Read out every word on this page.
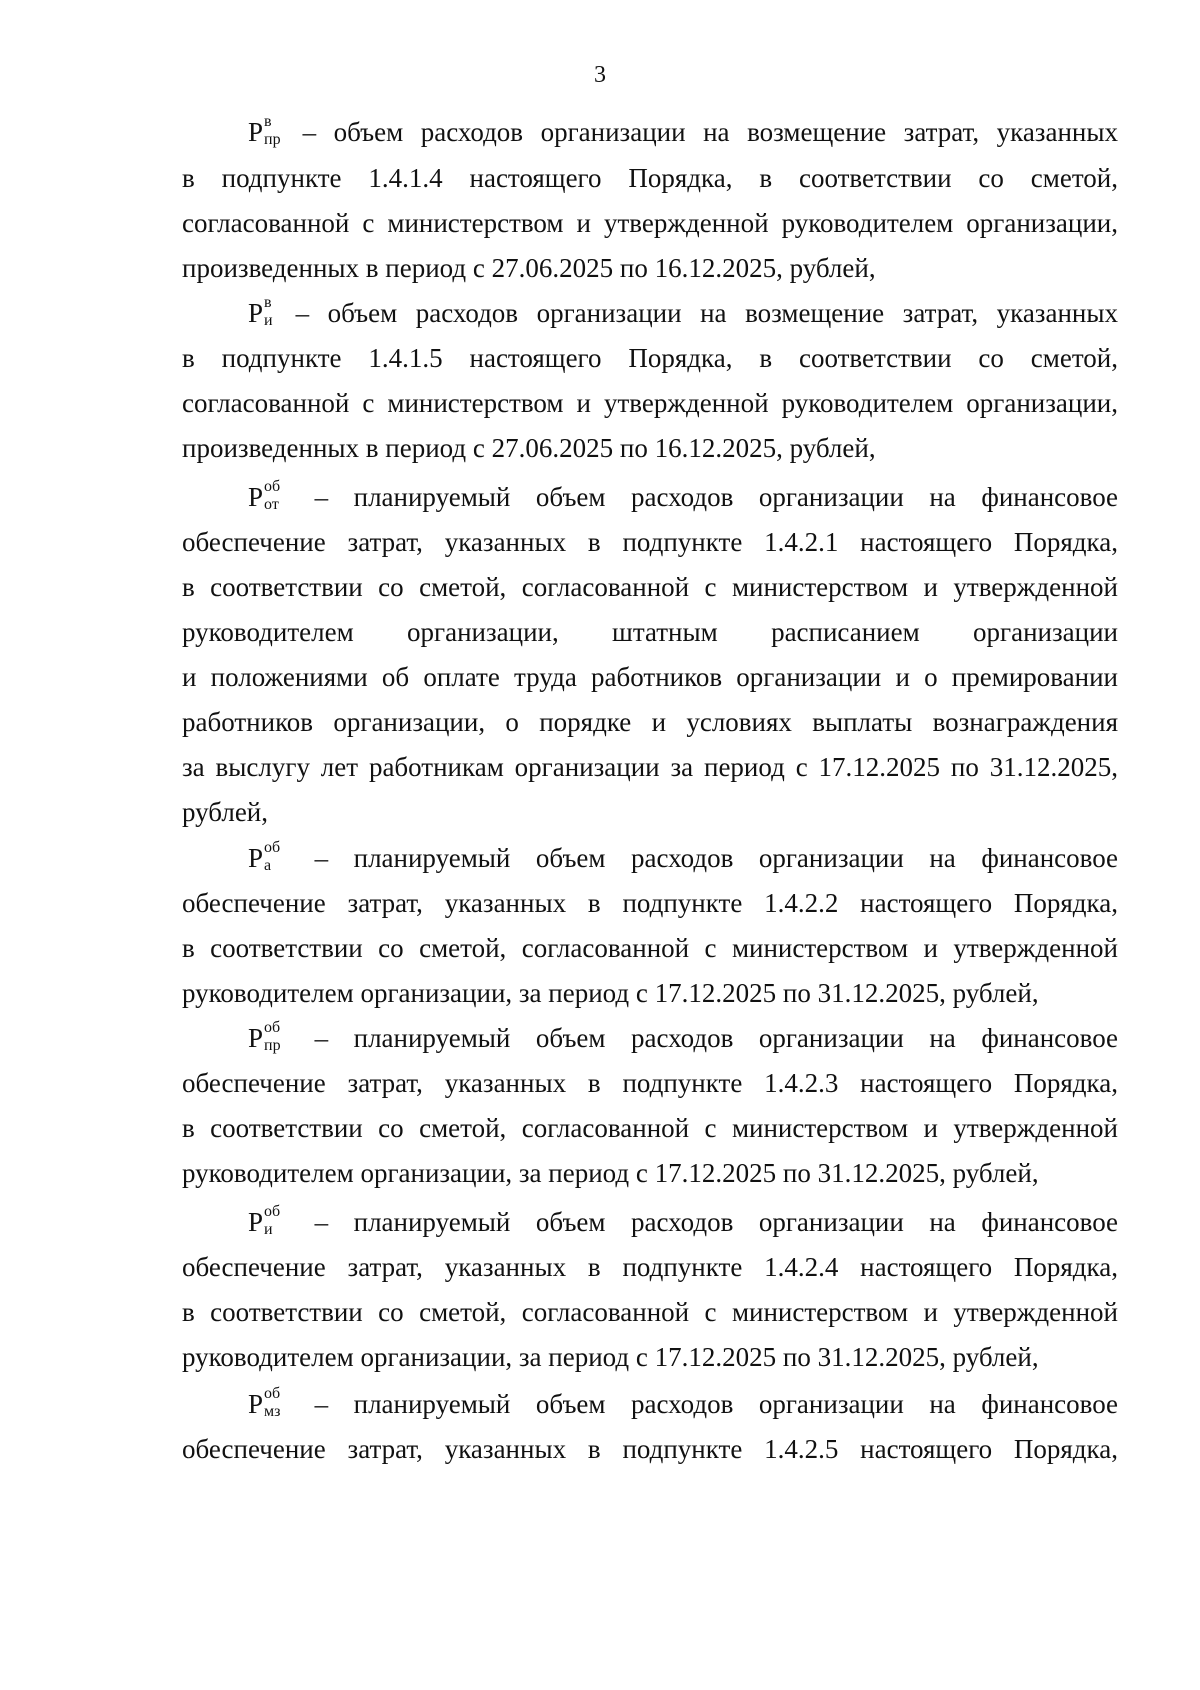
3
P в
пр – объем расходов организации на возмещение затрат, указанных
в подпункте 1.4.1.4 настоящего Порядка, в соответствии со сметой,
согласованной с министерством и утвержденной руководителем организации,
произведенных в период с 27.06.2025 по 16.12.2025, рублей,
P в
и – объем расходов организации на возмещение затрат, указанных
в подпункте 1.4.1.5 настоящего Порядка, в соответствии со сметой,
согласованной с министерством и утвержденной руководителем организации,
произведенных в период с 27.06.2025 по 16.12.2025, рублей,
P об
от – планируемый объем расходов организации на финансовое
обеспечение затрат, указанных в подпункте 1.4.2.1 настоящего Порядка,
в соответствии со сметой, согласованной с министерством и утвержденной
руководителем организации, штатным расписанием организации
и положениями об оплате труда работников организации и о премировании
работников организации, о порядке и условиях выплаты вознаграждения
за выслугу лет работникам организации за период с 17.12.2025 по 31.12.2025,
рублей,
P об
а – планируемый объем расходов организации на финансовое
обеспечение затрат, указанных в подпункте 1.4.2.2 настоящего Порядка,
в соответствии со сметой, согласованной с министерством и утвержденной
руководителем организации, за период с 17.12.2025 по 31.12.2025, рублей,
P об
пр – планируемый объем расходов организации на финансовое
обеспечение затрат, указанных в подпункте 1.4.2.3 настоящего Порядка,
в соответствии со сметой, согласованной с министерством и утвержденной
руководителем организации, за период с 17.12.2025 по 31.12.2025, рублей,
P об
и – планируемый объем расходов организации на финансовое
обеспечение затрат, указанных в подпункте 1.4.2.4 настоящего Порядка,
в соответствии со сметой, согласованной с министерством и утвержденной
руководителем организации, за период с 17.12.2025 по 31.12.2025, рублей,
P об
мз – планируемый объем расходов организации на финансовое
обеспечение затрат, указанных в подпункте 1.4.2.5 настоящего Порядка,
